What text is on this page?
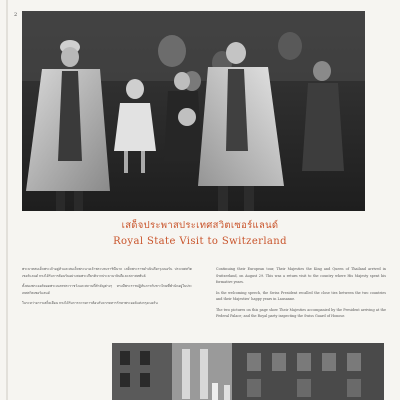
2
เสด็จประพาสประเทศสวิตเซอร์แลนด์
Royal State Visit to Switzerland

พระบาทสมเด็จพระเจ้าอยู่หัวและสมเด็จพระนางเจ้าพระบรมราชินีนาถ เสด็จพระราชดำเนินถึงกรุงเบอร์น ประเทศสวิตเซอร์แลนด์ ทรงได้รับการต้อนรับอย่างสมพระเกียรติจากประธานาธิบดีและสภาสหพันธ์

ทั้งสองพระองค์ทอดพระเนตรพระราชวังและสถานที่สำคัญต่างๆ ทรงมีพระราชปฏิสันถารกับชาวไทยที่พำนักอยู่ในประเทศสวิตเซอร์แลนด์

ในระหว่างการเสด็จเยือน ทรงได้รับการถวายการต้อนรับจากทหารรักษาพระองค์แห่งกรุงเบอร์น

Continuing their European tour, Their Majesties the King and Queen of Thailand arrived in Switzerland, on August 29. This was a return visit to the country where His Majesty spent his formative years.

In the welcoming speech, the Swiss President recalled the close ties between the two countries and their Majesties' happy years in Lausanne.

The two pictures on this page show Their Majesties accompanied by the President arriving at the Federal Palace; and the Royal party inspecting the Swiss Guard of Honour.
